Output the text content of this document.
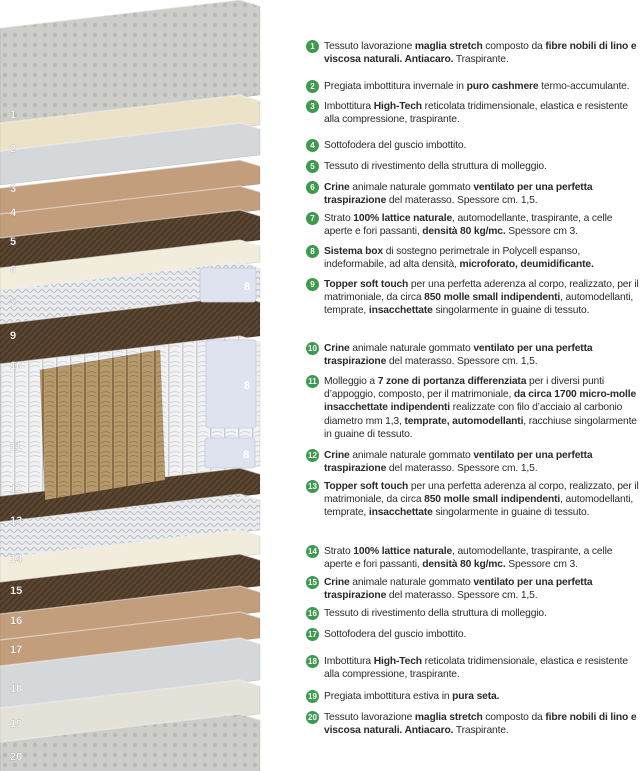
8
8
8
1
2
3
4
5
6
7
9
10
11
12
13
14
15
16
17
18
19
20
1 Tessuto lavorazione maglia stretch composto da fibre nobili di lino e viscosa naturali. Antiacaro. Traspirante.
2 Pregiata imbottitura invernale in puro cashmere termo-accumulante.
3 Imbottitura High-Tech reticolata tridimensionale, elastica e resistente alla compressione, traspirante.
4 Sottofodera del guscio imbottito.
5 Tessuto di rivestimento della struttura di molleggio.
6 Crine animale naturale gommato ventilato per una perfetta traspirazione del materasso. Spessore cm. 1,5.
7 Strato 100% lattice naturale, automodellante, traspirante, a celle aperte e fori passanti, densità 80 kg/mc. Spessore cm 3.
8 Sistema box di sostegno perimetrale in Polycell espanso, indeformabile, ad alta densità, microforato, deumidificante.
9 Topper soft touch per una perfetta aderenza al corpo, realizzato, per il matrimoniale, da circa 850 molle small indipendenti, automodellanti, temprate, insacchettate singolarmente in guaine di tessuto.
10 Crine animale naturale gommato ventilato per una perfetta traspirazione del materasso. Spessore cm. 1,5.
11 Molleggio a 7 zone di portanza differenziata per i diversi punti d’appoggio, composto, per il matrimoniale, da circa 1700 micro-molle insacchettate indipendenti realizzate con filo d’acciaio al carbonio diametro mm 1,3, temprate, automodellanti, racchiuse singolarmente in guaine di tessuto.
12 Crine animale naturale gommato ventilato per una perfetta traspirazione del materasso. Spessore cm. 1,5.
13 Topper soft touch per una perfetta aderenza al corpo, realizzato, per il matrimoniale, da circa 850 molle small indipendenti, automodellanti, temprate, insacchettate singolarmente in guaine di tessuto.
14 Strato 100% lattice naturale, automodellante, traspirante, a celle aperte e fori passanti, densità 80 kg/mc. Spessore cm 3.
15 Crine animale naturale gommato ventilato per una perfetta traspirazione del materasso. Spessore cm. 1,5.
16 Tessuto di rivestimento della struttura di molleggio.
17 Sottofodera del guscio imbottito.
18 Imbottitura High-Tech reticolata tridimensionale, elastica e resistente alla compressione, traspirante.
19 Pregiata imbottitura estiva in pura seta.
20 Tessuto lavorazione maglia stretch composto da fibre nobili di lino e viscosa naturali. Antiacaro. Traspirante.
